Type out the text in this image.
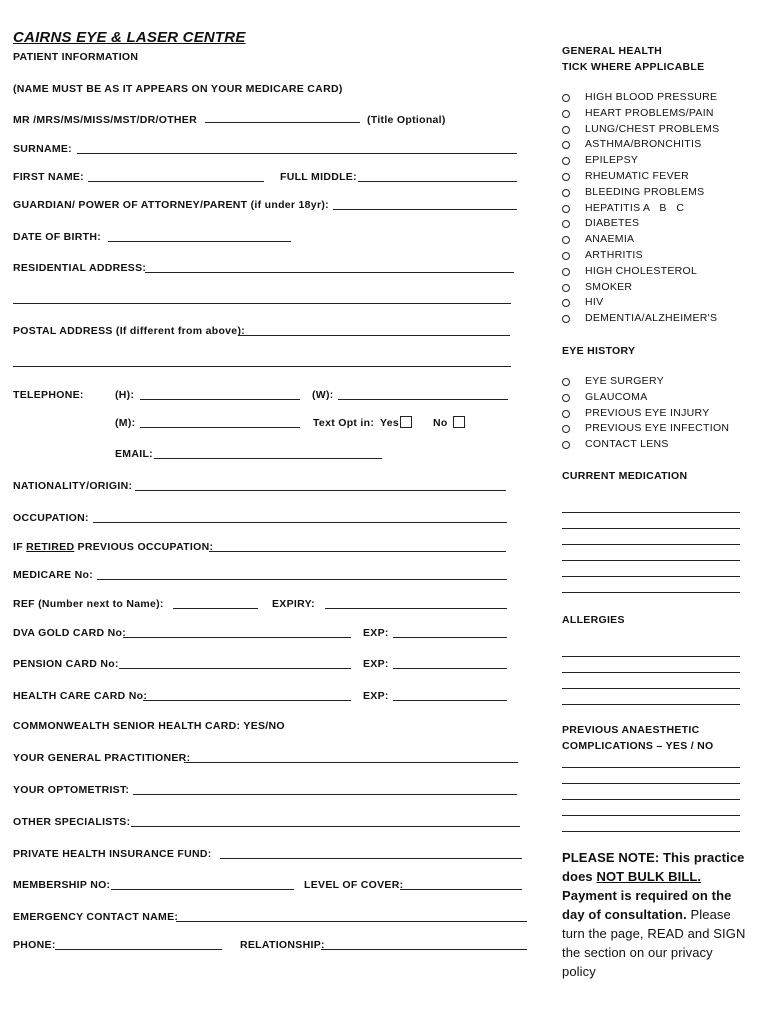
CAIRNS EYE & LASER CENTRE
PATIENT INFORMATION
(NAME MUST BE AS IT APPEARS ON YOUR MEDICARE CARD)
MR /MRS/MS/MISS/MST/DR/OTHER	(Title Optional)
SURNAME:
FIRST NAME:	FULL MIDDLE:
GUARDIAN/ POWER OF ATTORNEY/PARENT (if under 18yr):
DATE OF BIRTH:
RESIDENTIAL ADDRESS:
POSTAL ADDRESS (If different from above):
TELEPHONE:	(H):	(W):
(M):	Text Opt in: Yes	No
EMAIL:
NATIONALITY/ORIGIN:
OCCUPATION:
IF RETIRED PREVIOUS OCCUPATION:
MEDICARE No:
REF (Number next to Name):	EXPIRY:
DVA GOLD CARD No:	EXP:
PENSION CARD No:	EXP:
HEALTH CARE CARD No:	EXP:
COMMONWEALTH SENIOR HEALTH CARD: YES/NO
YOUR GENERAL PRACTITIONER:
YOUR OPTOMETRIST:
OTHER SPECIALISTS:
PRIVATE HEALTH INSURANCE FUND:
MEMBERSHIP NO:	LEVEL OF COVER:
EMERGENCY CONTACT NAME:
PHONE:	RELATIONSHIP:
GENERAL HEALTH
TICK WHERE APPLICABLE
HIGH BLOOD PRESSURE
HEART PROBLEMS/PAIN
LUNG/CHEST PROBLEMS
ASTHMA/BRONCHITIS
EPILEPSY
RHEUMATIC FEVER
BLEEDING PROBLEMS
HEPATITIS A   B   C
DIABETES
ANAEMIA
ARTHRITIS
HIGH CHOLESTEROL
SMOKER
HIV
DEMENTIA/ALZHEIMER'S
EYE HISTORY
EYE SURGERY
GLAUCOMA
PREVIOUS EYE INJURY
PREVIOUS EYE INFECTION
CONTACT LENS
CURRENT MEDICATION
ALLERGIES
PREVIOUS ANAESTHETIC
COMPLICATIONS – YES / NO
PLEASE NOTE: This practice
does NOT BULK BILL.
Payment is required on the
day of consultation. Please
turn the page, READ and SIGN
the section on our privacy
policy
